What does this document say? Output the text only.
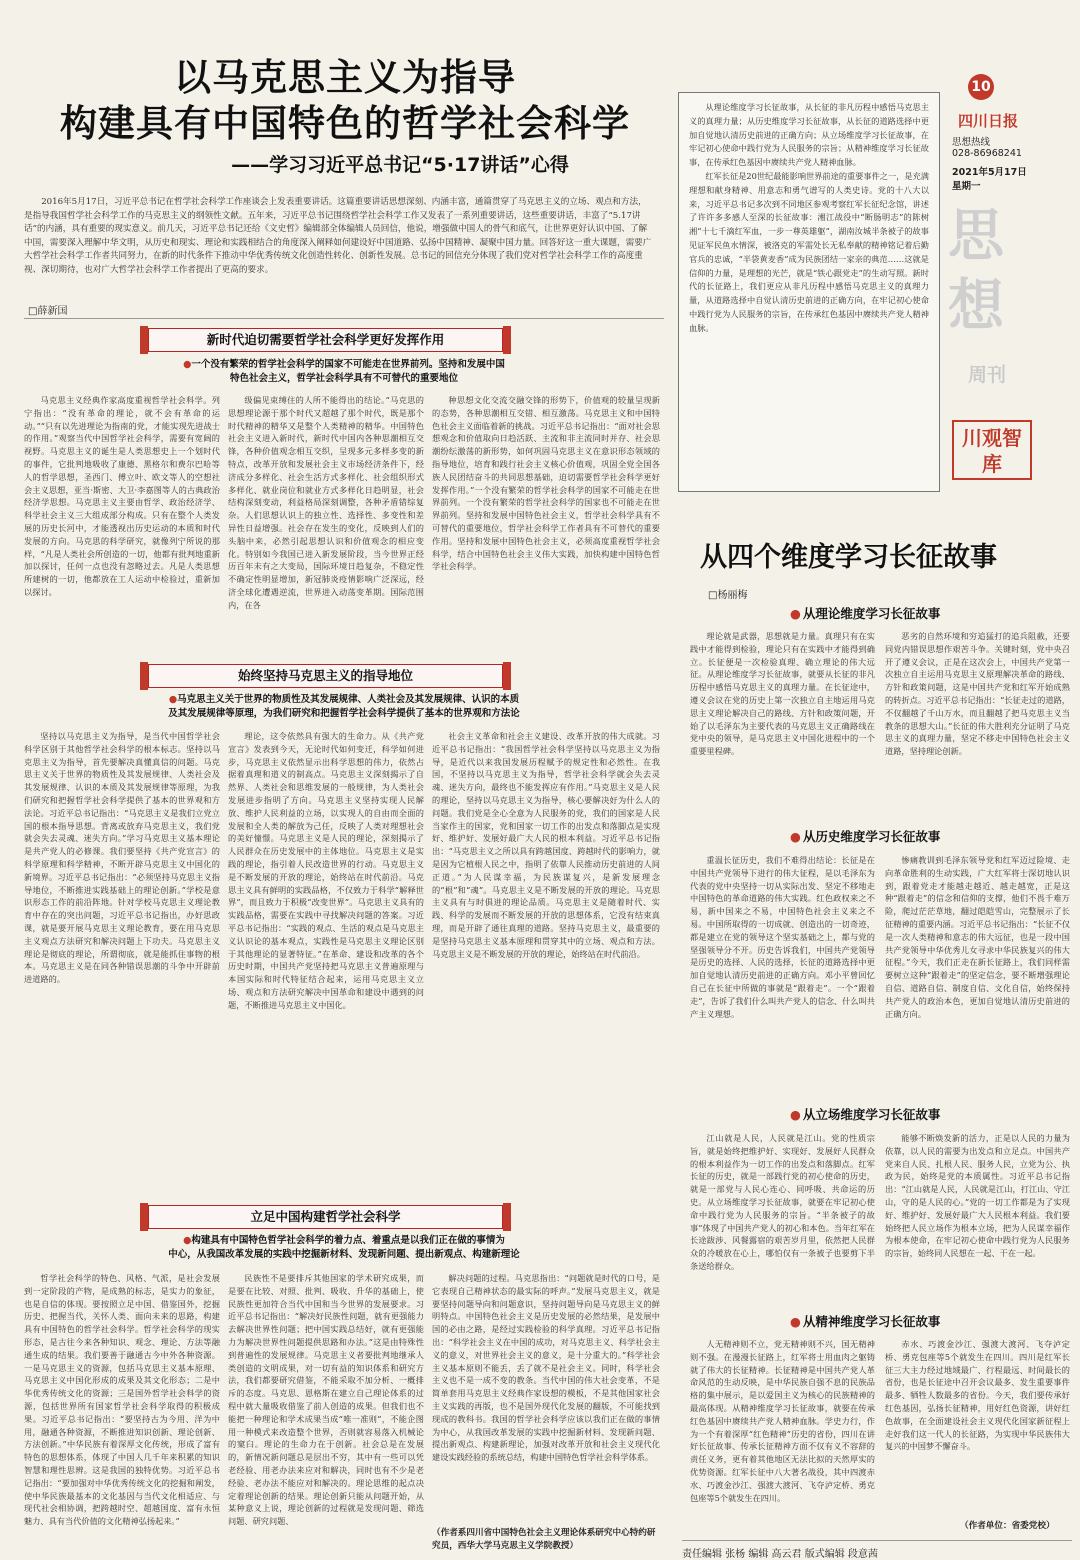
以马克思主义为指导
构建具有中国特色的哲学社会科学
——学习习近平总书记“5·17讲话”心得

2016年5月17日，习近平总书记在哲学社会科学工作座谈会上发表重要讲话。这篇重要讲话思想深刻、内涵丰富，通篇贯穿了马克思主义的立场、观点和方法，是指导我国哲学社会科学工作的马克思主义的纲领性文献。五年来，习近平总书记围绕哲学社会科学工作又发表了一系列重要讲话，这些重要讲话，丰富了“5.17讲话”的内涵，具有重要的现实意义。前几天，习近平总书记还给《文史哲》编辑部全体编辑人员回信，他说，增强做中国人的骨气和底气，让世界更好认识中国、了解中国，需要深入理解中华文明，从历史和现实、理论和实践相结合的角度深入阐释如何建设好中国道路、弘扬中国精神、凝聚中国力量。回答好这一重大课题，需要广大哲学社会科学工作者共同努力，在新的时代条件下推动中华优秀传统文化创造性转化、创新性发展。总书记的回信充分体现了我们党对哲学社会科学工作的高度重视、深切期待，也对广大哲学社会科学工作者提出了更高的要求。

□薛新国
新时代迫切需要哲学社会科学更好发挥作用

●一个没有繁荣的哲学社会科学的国家不可能走在世界前列。坚持和发展中国

特色社会主义，哲学社会科学具有不可替代的重要地位

马克思主义经典作家高度重视哲学社会科学。列宁指出：“没有革命的理论，就不会有革命的运动。”“只有以先进理论为指南的党，才能实现先进战士的作用。”观察当代中国哲学社会科学，需要有宽阔的视野。马克思主义的诞生是人类思想史上一个划时代的事件，它批判地吸收了康德、黑格尔和费尔巴哈等人的哲学思想，圣西门、傅立叶、欧文等人的空想社会主义思想，亚当·斯密、大卫·李嘉图等人的古典政治经济学思想。马克思主义主要由哲学、政治经济学、科学社会主义三大组成部分构成。只有在整个人类发展的历史长河中，才能透视出历史运动的本质和时代发展的方向。马克思的科学研究，就像列宁所说的那样，“凡是人类社会所创造的一切，他都有批判地重新加以探讨，任何一点也没有忽略过去。凡是人类思想所建树的一切，他都放在工人运动中检验过，重新加以探讨。

级偏见束缚住的人所不能得出的结论。”马克思的思想理论源于那个时代又超越了那个时代，既是那个时代精神的精华又是整个人类精神的精华。中国特色社会主义进入新时代，新时代中国内各种思潮相互交锋，各种价值观念相互交织，呈现多元多样多变的新特点，改革开放和发展社会主义市场经济条件下，经济成分多样化、社会生活方式多样化、社会组织形式多样化、就业岗位和就业方式多样化日趋明显，社会结构深刻变动，利益格局深刻调整，各种矛盾错综复杂。人们思想认识上的独立性、选择性、多变性和差异性日益增强。社会存在发生的变化，反映到人们的头脑中来，必然引起思想认识和价值观念的相应变化。特别如今我国已进入新发展阶段，当今世界正经历百年未有之大变局，国际环境日趋复杂，不稳定性不确定性明显增加，新冠肺炎疫情影响广泛深远，经济全球化遭遇逆流，世界进入动荡变革期。国际范围内，在各

种思想文化交流交融交锋的形势下，价值观的较量呈现新的态势，各种思潮相互交错、相互激荡。马克思主义和中国特色社会主义面临着新的挑战。习近平总书记指出：“面对社会思想观念和价值取向日趋活跃、主流和非主流同时并存、社会思潮纷纭激荡的新形势，如何巩固马克思主义在意识形态领域的指导地位，培育和践行社会主义核心价值观，巩固全党全国各族人民团结奋斗的共同思想基础，迫切需要哲学社会科学更好发挥作用。”一个没有繁荣的哲学社会科学的国家不可能走在世界前列。一个没有繁荣的哲学社会科学的国家也不可能走在世界前列。坚持和发展中国特色社会主义，哲学社会科学具有不可替代的重要地位，哲学社会科学工作者具有不可替代的重要作用。坚持和发展中国特色社会主义，必须高度重视哲学社会科学，结合中国特色社会主义伟大实践，加快构建中国特色哲学社会科学。

始终坚持马克思主义的指导地位

●马克思主义关于世界的物质性及其发展规律、人类社会及其发展规律、认识的本质

及其发展规律等原理，为我们研究和把握哲学社会科学提供了基本的世界观和方法论

坚持以马克思主义为指导，是当代中国哲学社会科学区别于其他哲学社会科学的根本标志。坚持以马克思主义为指导，首先要解决真懂真信的问题。马克思主义关于世界的物质性及其发展规律、人类社会及其发展规律、认识的本质及其发展规律等原理，为我们研究和把握哲学社会科学提供了基本的世界观和方法论。习近平总书记指出：“马克思主义是我们立党立国的根本指导思想。背离或放弃马克思主义，我们党就会失去灵魂、迷失方向。”学习马克思主义基本理论是共产党人的必修课。我们要坚持《共产党宣言》的科学原理和科学精神，不断开辟马克思主义中国化的新境界。习近平总书记指出：“必须坚持马克思主义指导地位，不断推进实践基础上的理论创新。”学校是意识形态工作的前沿阵地。针对学校马克思主义理论教育中存在的突出问题，习近平总书记指出，办好思政课，就是要开展马克思主义理论教育，要在用马克思主义观点方法研究和解决问题上下功夫。马克思主义理论是彻底的理论，所谓彻底，就是能抓住事物的根本。马克思主义是在同各种错误思潮的斗争中开辟前进道路的。

理论，这令依然具有强大的生命力。从《共产党宣言》发表到今天，无论时代如何变迁，科学如何进步，马克思主义依然显示出科学思想的伟力，依然占据着真理和道义的制高点。马克思主义深刻揭示了自然界、人类社会和思维发展的一般规律，为人类社会发展进步指明了方向。马克思主义坚持实现人民解放、维护人民利益的立场，以实现人的自由而全面的发展和全人类的解放为己任，反映了人类对理想社会的美好憧憬。马克思主义是人民的理论，深刻揭示了人民群众在历史发展中的主体地位。马克思主义是实践的理论，指引着人民改造世界的行动。马克思主义是不断发展的开放的理论，始终站在时代前沿。马克思主义具有鲜明的实践品格，不仅致力于科学“解释世界”，而且致力于积极“改变世界”。马克思主义具有的实践品格，需要在实践中寻找解决问题的答案。习近平总书记指出：“实践的观点、生活的观点是马克思主义认识论的基本观点，实践性是马克思主义理论区别于其他理论的显著特征。”在革命、建设和改革的各个历史时期，中国共产党坚持把马克思主义普遍原理与本国实际和时代特征结合起来，运用马克思主义立场、观点和方法研究解决中国革命和建设中遇到的问题，不断推进马克思主义中国化。

社会主义革命和社会主义建设、改革开放的伟大成就。习近平总书记指出：“我国哲学社会科学坚持以马克思主义为指导，是近代以来我国发展历程赋予的规定性和必然性。在我国，不坚持以马克思主义为指导，哲学社会科学就会失去灵魂、迷失方向，最终也不能发挥应有作用。”马克思主义是人民的理论，坚持以马克思主义为指导，核心要解决好为什么人的问题。我们党是全心全意为人民服务的党，我们的国家是人民当家作主的国家，党和国家一切工作的出发点和落脚点是实现好、维护好、发展好最广大人民的根本利益。习近平总书记指出：“马克思主义之所以具有跨越国度、跨越时代的影响力，就是因为它植根人民之中，指明了依靠人民推动历史前进的人间正道。”为人民谋幸福，为民族谋复兴，是新发展理念的“根”和“魂”。马克思主义是不断发展的开放的理论。马克思主义具有与时俱进的理论品质。马克思主义是随着时代、实践、科学的发展而不断发展的开放的思想体系，它没有结束真理，而是开辟了通往真理的道路。坚持马克思主义，最重要的是坚持马克思主义基本原理和贯穿其中的立场、观点和方法。马克思主义是不断发展的开放的理论，始终站在时代前沿。

立足中国构建哲学社会科学

●构建具有中国特色哲学社会科学的着力点、着重点是以我们正在做的事情为

中心，从我国改革发展的实践中挖掘新材料、发现新问题、提出新观点、构建新理论

哲学社会科学的特色、风格、气派，是社会发展到一定阶段的产物，是成熟的标志，是实力的象征，也是自信的体现。要按照立足中国、借鉴国外，挖掘历史、把握当代，关怀人类、面向未来的思路，构建具有中国特色的哲学社会科学。哲学社会科学的现实形态，是古往今来各种知识、观念、理论、方法等融通生成的结果。我们要善于融通古今中外各种资源。一是马克思主义的资源，包括马克思主义基本原理、马克思主义中国化形成的成果及其文化形态；二是中华优秀传统文化的资源；三是国外哲学社会科学的资源，包括世界所有国家哲学社会科学取得的积极成果。习近平总书记指出：“要坚持古为今用、洋为中用，融通各种资源，不断推进知识创新、理论创新、方法创新。”中华民族有着深厚文化传统，形成了富有特色的思想体系，体现了中国人几千年来积累的知识智慧和理性思辨。这是我国的独特优势。习近平总书记指出：“要加强对中华优秀传统文化的挖掘和阐发，使中华民族最基本的文化基因与当代文化相适应、与现代社会相协调，把跨越时空、超越国度、富有永恒魅力、具有当代价值的文化精神弘扬起来。”

民族性不是要排斥其他国家的学术研究成果，而是要在比较、对照、批判、吸收、升华的基础上，使民族性更加符合当代中国和当今世界的发展要求。习近平总书记指出：“解决好民族性问题，就有更强能力去解决世界性问题；把中国实践总结好，就有更强能力为解决世界性问题提供思路和办法。”这是由特殊性到普遍性的发展规律。马克思主义者要批判地继承人类创造的文明成果，对一切有益的知识体系和研究方法，我们都要研究借鉴，不能采取不加分析、一概排斥的态度。马克思、恩格斯在建立自己理论体系的过程中就大量吸收借鉴了前人创造的成果。但我们也不能把一种理论和学术成果当成“唯一准则”，不能企图用一种模式来改造整个世界，否则就容易落入机械论的窠臼。理论的生命力在于创新。社会总是在发展的，新情况新问题总是层出不穷，其中有一些可以凭老经验、用老办法来应对和解决，同时也有不少是老经验、老办法不能应对和解决的。理论思维的起点决定着理论创新的结果。理论创新只能从问题开始，从某种意义上说，理论创新的过程就是发现问题、筛选问题、研究问题、

解决问题的过程。马克思指出：“问题就是时代的口号，是它表现自己精神状态的最实际的呼声。”发展马克思主义，就是要坚持问题导向和问题意识，坚持问题导向是马克思主义的鲜明特点。中国特色社会主义是历史发展的必然结果，是发展中国的必由之路，是经过实践检验的科学真理。习近平总书记指出：“科学社会主义在中国的成功，对马克思主义、科学社会主义的意义，对世界社会主义的意义，是十分重大的。”科学社会主义基本原则不能丢，丢了就不是社会主义。同时，科学社会主义也不是一成不变的教条。当代中国的伟大社会变革，不是简单套用马克思主义经典作家设想的模板，不是其他国家社会主义实践的再版，也不是国外现代化发展的翻版，不可能找到现成的教科书。我国的哲学社会科学应该以我们正在做的事情为中心，从我国改革发展的实践中挖掘新材料、发现新问题、提出新观点、构建新理论，加强对改革开放和社会主义现代化建设实践经验的系统总结，构建中国特色哲学社会科学体系。

（作者系四川省中国特色社会主义理论体系研究中心特约研究员，西华大学马克思主义学院教授）
10
四川日报
思想热线
028-86968241
2021年5月17日
星期一
思
想
周刊
川观智库

从理论维度学习长征故事，从长征的非凡历程中感悟马克思主义的真理力量；从历史维度学习长征故事，从长征的道路选择中更加自觉地认清历史前进的正确方向；从立场维度学习长征故事，在牢记初心使命中践行党为人民服务的宗旨；从精神维度学习长征故事，在传承红色基因中赓续共产党人精神血脉。

红军长征是20世纪最能影响世界前途的重要事件之一，是充满理想和献身精神、用意志和勇气谱写的人类史诗。党的十八大以来，习近平总书记多次到不同地区参观考察红军长征纪念馆，讲述了许许多多感人至深的长征故事：湘江战役中“断肠明志”的陈树湘“十七千滴红军血，一步一尊英雄躯”，湖南汝城半条被子的故事见证军民鱼水情深，被洛克的军需处长无私奉献的精神铭记着后勤官兵的忠诚，“半袋黄麦香”成为民族团结一家亲的典范……这就是信仰的力量，是理想的光芒，就是“铁心跟党走”的生动写照。新时代的长征路上，我们更应从非凡历程中感悟马克思主义的真理力量，从道路选择中自觉认清历史前进的正确方向，在牢记初心使命中践行党为人民服务的宗旨，在传承红色基因中赓续共产党人精神血脉。

从四个维度学习长征故事
□杨丽梅
● 从理论维度学习长征故事

理论就是武器，思想就是力量。真理只有在实践中才能得到检验，理论只有在实践中才能得到确立。长征便是一次检验真理、确立理论的伟大远征。从理论维度学习长征故事，就要从长征的非凡历程中感悟马克思主义的真理力量。在长征途中，遵义会议在党的历史上第一次独立自主地运用马克思主义理论解决自己的路线、方针和政策问题，开始了以毛泽东为主要代表的马克思主义正确路线在党中央的领导，是马克思主义中国化进程中的一个重要里程碑。

恶劣的自然环境和穷追猛打的追兵阻截，还要同党内错误思想作艰苦斗争。关键时刻，党中央召开了遵义会议，正是在这次会上，中国共产党第一次独立自主运用马克思主义原理解决革命的路线、方针和政策问题，这是中国共产党和红军开始成熟的转折点。习近平总书记指出：“长征走过的道路，不仅翻越了千山万水，而且翻越了把马克思主义当教条的思想大山。”长征的伟大胜利充分证明了马克思主义的真理力量，坚定不移走中国特色社会主义道路，坚持理论创新。

● 从历史维度学习长征故事

重温长征历史，我们不难得出结论：长征是在中国共产党领导下进行的伟大征程，是以毛泽东为代表的党中央坚持一切从实际出发、坚定不移地走中国特色的革命道路的伟大实践。红色政权来之不易，新中国来之不易，中国特色社会主义来之不易。中国所取得的一切成就、创造出的一切奇迹，都是建立在党的领导这个坚实基础之上，都与党的坚强领导分不开。历史告诉我们，中国共产党领导是历史的选择、人民的选择，长征的道路选择中更加自觉地认清历史前进的正确方向。邓小平曾回忆自己在长征中所做的事就是“跟着走”。一个“跟着走”，告诉了我们什么叫共产党人的信念、什么叫共产主义理想。

惨痛教训到毛泽东领导党和红军迈过险境、走向革命胜利的生动实践，广大红军将士深切地认识到，跟着党走才能越走越近、越走越宽，正是这种“跟着走”的信念和信仰的支撑，他们不畏千难万险，爬过茫茫草地，翻过皑皑雪山，完整展示了长征精神的重要内涵。习近平总书记指出：“长征不仅是一次人类精神和意志的伟大远征，也是一段中国共产党领导中华优秀儿女寻求中华民族复兴的伟大征程。”今天，我们正走在新长征路上，我们同样需要树立这种“跟着走”的坚定信念，要不断增强理论自信、道路自信、制度自信、文化自信，始终保持共产党人的政治本色，更加自觉地认清历史前进的正确方向。

● 从立场维度学习长征故事

江山就是人民，人民就是江山。党的性质宗旨，就是始终把维护好、实现好、发展好人民群众的根本利益作为一切工作的出发点和落脚点。红军长征的历史，就是一部践行党的初心使命的历史，就是一部党与人民心连心、同呼吸、共命运的历史。从立场维度学习长征故事，就要在牢记初心使命中践行党为人民服务的宗旨。“半条被子的故事”体现了中国共产党人的初心和本色。当年红军在长途跋涉、风餐露宿的艰苦岁月里，依然把人民群众的冷暖放在心上，哪怕仅有一条被子也要剪下半条送给群众。

能够不断焕发新的活力，正是以人民的力量为依靠，以人民的需要为出发点和立足点。中国共产党来自人民、扎根人民、服务人民，立党为公、执政为民，始终是党的本质属性。习近平总书记指出：“江山就是人民，人民就是江山，打江山、守江山，守的是人民的心。”党的一切工作都是为了实现好、维护好、发展好最广大人民根本利益。我们要始终把人民立场作为根本立场，把为人民谋幸福作为根本使命，在牢记初心使命中践行党为人民服务的宗旨，始终同人民想在一起、干在一起。

● 从精神维度学习长征故事

人无精神则不立，党无精神则不兴，国无精神则不强。在漫漫长征路上，红军将士用血肉之躯铸就了伟大的长征精神。长征精神是中国共产党人革命风范的生动反映，是中华民族自强不息的民族品格的集中展示，是以爱国主义为核心的民族精神的最高体现。从精神维度学习长征故事，就要在传承红色基因中赓续共产党人精神血脉。学史力行，作为一个有着深厚“红色精神”历史的省份，四川在讲好长征故事、传承长征精神方面不仅有义不容辞的责任义务，更有着其他地区无法比拟的天然厚实的优势资源。红军长征中八大著名战役，其中四渡赤水、巧渡金沙江、强渡大渡河、飞夺泸定桥、勇克包座等5个就发生在四川。

赤水、巧渡金沙江、强渡大渡河、飞夺泸定桥、勇克包座等5个就发生在四川。四川是红军长征三大主力经过地域最广、行程最远、时间最长的省份，也是长征途中召开会议最多、发生重要事件最多、牺牲人数最多的省份。今天，我们要传承好红色基因，弘扬长征精神，用好红色资源，讲好红色故事，在全面建设社会主义现代化国家新征程上走好我们这一代人的长征路，为实现中华民族伟大复兴的中国梦不懈奋斗。

（作者单位：省委党校）
责任编辑 张杨 编辑 高云君 版式编辑 段意茜
